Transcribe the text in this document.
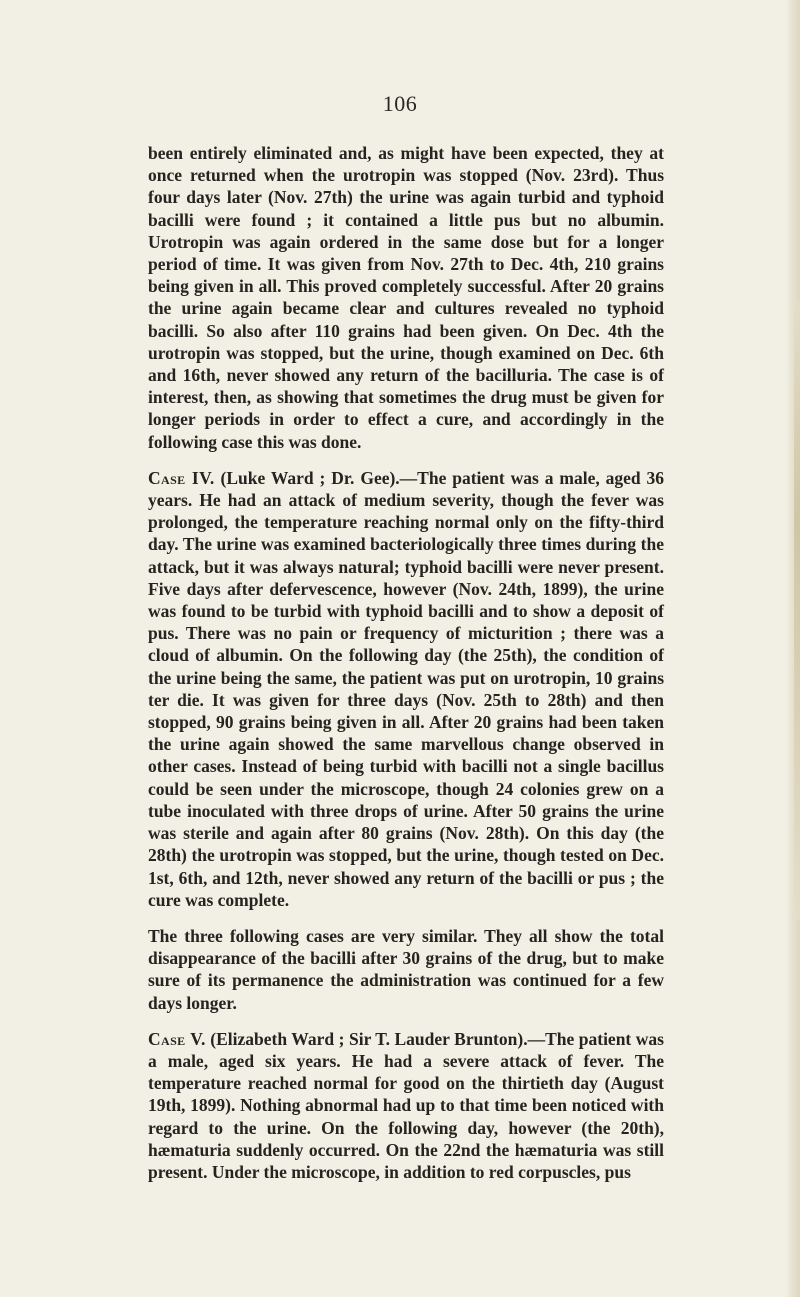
106

been entirely eliminated and, as might have been expected, they at once returned when the urotropin was stopped (Nov. 23rd). Thus four days later (Nov. 27th) the urine was again turbid and typhoid bacilli were found ; it contained a little pus but no albumin. Urotropin was again ordered in the same dose but for a longer period of time. It was given from Nov. 27th to Dec. 4th, 210 grains being given in all. This proved completely successful. After 20 grains the urine again became clear and cultures revealed no typhoid bacilli. So also after 110 grains had been given. On Dec. 4th the urotropin was stopped, but the urine, though examined on Dec. 6th and 16th, never showed any return of the bacilluria. The case is of interest, then, as showing that sometimes the drug must be given for longer periods in order to effect a cure, and accordingly in the following case this was done.

Case IV. (Luke Ward ; Dr. Gee).—The patient was a male, aged 36 years. He had an attack of medium severity, though the fever was prolonged, the temperature reaching normal only on the fifty-third day. The urine was examined bacteriologically three times during the attack, but it was always natural; typhoid bacilli were never present. Five days after defervescence, however (Nov. 24th, 1899), the urine was found to be turbid with typhoid bacilli and to show a deposit of pus. There was no pain or frequency of micturition ; there was a cloud of albumin. On the following day (the 25th), the condition of the urine being the same, the patient was put on urotropin, 10 grains ter die. It was given for three days (Nov. 25th to 28th) and then stopped, 90 grains being given in all. After 20 grains had been taken the urine again showed the same marvellous change observed in other cases. Instead of being turbid with bacilli not a single bacillus could be seen under the microscope, though 24 colonies grew on a tube inoculated with three drops of urine. After 50 grains the urine was sterile and again after 80 grains (Nov. 28th). On this day (the 28th) the urotropin was stopped, but the urine, though tested on Dec. 1st, 6th, and 12th, never showed any return of the bacilli or pus ; the cure was complete.

The three following cases are very similar. They all show the total disappearance of the bacilli after 30 grains of the drug, but to make sure of its permanence the administration was continued for a few days longer.

Case V. (Elizabeth Ward ; Sir T. Lauder Brunton).—The patient was a male, aged six years. He had a severe attack of fever. The temperature reached normal for good on the thirtieth day (August 19th, 1899). Nothing abnormal had up to that time been noticed with regard to the urine. On the following day, however (the 20th), hæmaturia suddenly occurred. On the 22nd the hæmaturia was still present. Under the microscope, in addition to red corpuscles, pus
